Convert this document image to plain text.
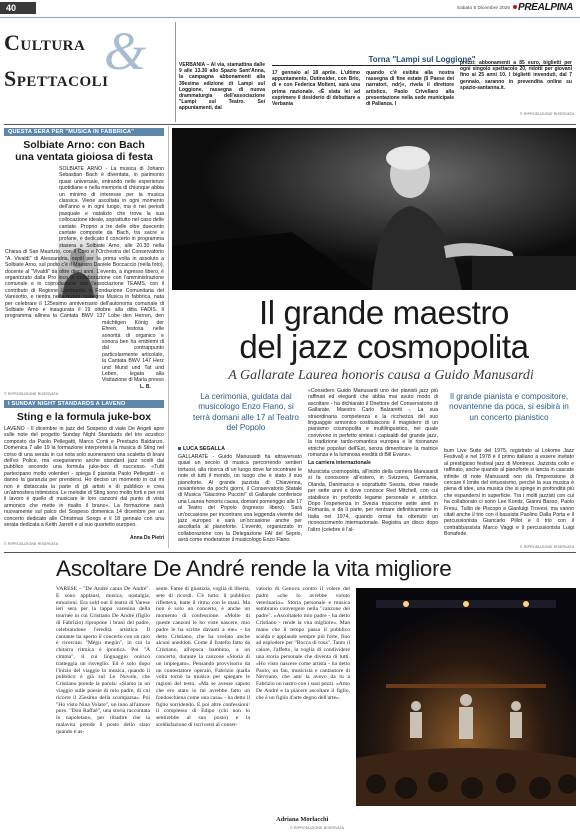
40	Sabato 6 Dicembre 2025 PREALPINA
Cultura &
Spettacoli
VERBANIA – Al via, stamattina dalle 9 alle 13.30 allo Spazio Sant'Anna, la campagna abbonamenti alla 39esima edizione di Lampi sul Loggione, rassegna di nuova drammaturgia dell'associazione "Lampi sul Teatro. Sei appuntamenti, dal
Torna "Lampi sul Loggione"
17 gennaio al 18 aprile. L'ultimo appuntamento, Outinsider, con Brio, di e con Federica Molteni, sarà una prima nazionale. «È stata lei ad esprimere il desiderio di debuttare a Verbania
quando c'è esibita alla nostra rassegna di fine estate (Il Paese dei narratori, ndr)», rivela il direttore artistico, Paolo Crivellaro alla presentazione nella sede municipale di Pallanza. I
prezzi: abbonamenti a 85 euro, biglietti per ogni singolo spettacolo 20, ridotti per giovani fino ai 25 anni 10. I biglietti invenduti, dal 7 gennaio, saranno in prevendita online su spazio-santanna.it.
© RIPRODUZIONE RISERVATA
QUESTA SERA PER "MUSICA IN FABBRICA"
Solbiate Arno: con Bach
una ventata gioiosa di festa
SOLBIATE ARNO - La musica di Johann Sebastian Bach è diventata, in parimonio quasi universale, entrando nelle esperienze quotidiane e nella memoria di chiunque abbia un minimo di interesse per la musica classica. Viene ascoltata in ogni momento dell'anno e in ogni luogo, ma è nei periodi pasquale e natalizio che trova la sua collocazione ideale, soprattutto nel caso delle cantate. Proprio a tre delle oltre duecento cantate composte da Bach, tra sacre e profane, è dedicato il concerto in programma stasera a Solbiate Arno, alle 20.30 nella Chiesa di San Maurizio, con il Coro e l'Orchestra del Conservatorio "A. Vivaldi" di Alessandria, ospiti per la prima volta in assoluto a Solbiate Arno, sul podio c'è il Maestro Daniele Boccaccio (nella foto), docente al "Vivaldi" da oltre dieci anni. L'evento, a ingresso libero, è organizzato dalla Pro loco in collaborazione con l'amministrazione comunale e in coproduzione con l'associazione TEAMS, con il contributo di Regione Lombardia e Fondazione Comunitaria del Varesotto, e rientra nella nuova rassegna Musica in fabbrica, nata per celebrare il 125esimo anniversario dell'autonoma comunale di Solbiate Arno e inaugurata il 19 ottobre alla ditta FADIS. Il programma allinea la Cantata BWV 137 Lobe den Herren, den mächtigen König der Ehren, festosa nelle sonorità di organico e sonora ben ha emblemi di dal contrappunto particolarmente articolato, la Cantata BWV 147 Herz und Mund und Tat und Leben, legata alla Visitazione di Maria presso
L. B.
© RIPRODUZIONE RISERVATA
I SUNDAY NIGHT STANDARDS A LAVENO
Sting e la formula juke-box
LAVENO - Il dicembre in jazz del Sospeso di viale De Angeli apre sulle note del progetto Sunday Night Standards del trio acustico composto da Paolo Pellegatti, Marco Conti e Prestazio Baldanzo. Domenica 7 alle 19 la formazione interpreterà la musica di Sting nel corso di una serata in cui nota solo suoneranno una scaletta di brani dell'ex Police, ma eseguiranno anche standard jazz scelti dal pubblico secondo una formula juke-box di successo. «Tutti partecipano molto volentieri - spiega il pianista Paolo Pellegatti - e danno la garanzia per prendersi. Ho deciso un momento in cui mi non è distaccata la parte di gli artisti e di pubblico e crea un'atmosfera intimistica. Le melodie di Sting sono molto forti e per noi il lavoro è quello di musicare le loro canzoni dal punto di vista armonico che mette in risalto il brano». La formazione sarà nuovamente sul palco del Sospeso domenica 14 dicembre per un concerto dedicato alle Christmas Songs e il 18 gennaio con una serata dedicata a Keith Jarrett e al suo quartetto europeo.
Anna De Pietri
© RIPRODUZIONE RISERVATA
Il grande maestro
del jazz cosmopolita
A Gallarate Laurea honoris causa a Guido Manusardi
La cerimonia, guidata dal musicologo Enzo Fiano, si terrà domani alle 17 al Teatro del Popolo
LUCA SEGALLA
GALLARATE - Guido Manusardi ha attraversato quasi un secolo di musica percorrendo sentieri tortuosi, alla ricerca di un luogo dove far incontrare le note di tutti il mondo, un luogo che è stato il suo pianoforte. Al grande jazzista di Chiavenna, novantenne da pochi giorni, il Conservatorio Statale di Musica "Giacomo Puccini" di Gallarate conferisce una Laurea honoris causa, domani pomeriggio alle 17 al Teatro del Popolo (ingresso libero). Sarà un'occasione per incontrare una leggenda vivente del jazz europeo e sarà un'occasione anche per ascoltarla al pianoforte. L'evento, organizzato in collaborazione con la Delegazione FAI del Seprio, avrà come moderatore il musicologo Enzo Fiano.

«Considero Guido Manusardi uno dei pianisti jazz più raffinati ed eleganti che abbia mai avuto modo di ascoltare - ha dichiarato il Direttore del Conservatorio di Gallarate, Maestro Carlo Balzaretti -. La sua straordinaria competenza e la ricchezza del suo linguaggio armonico costituiscono il magistero di un pianismo cosmopolita e multilinguistico, nel quale convivono in perfetto sintesi i capisaldi del grande jazz, la tradizione tardo-romantica europea e le risonanze etniche popolari dell'Est, senza dimenticare la matrice romanza e la luminosa eredità di Bill Evans».

La carriera internazionale

Musicista cosmopolita, all'inizio della carriera Manusardi si fa conoscere all'estero, in Svizzera, Germania, Olanda, Danimarca e soprattutto Svezia, dove risiede per sette anni e dove conosce Red Mitchell, con cui stabilisce in profondo legame personale e artistico. Dopo l'esperienza in Svezia trascorre sette anni in Romania, e da lì parte, per rientrare definitivamente in Italia nel 1974, quando ormai ha ottenuto un riconoscimento internazionale. Registra un disco dopo l'altro (celebre è l'al-

Il grande pianista e compositore, novantenne da poca, si esibirà in un concerto pianistico
bum Live Suite del 1975, registrato al Lokome Jazz Festival) e nel 1978 è il primo italiano a essere invitato al prestigioso festival jazz di Montreux. Jazzista colto e raffinato, anche quando al pianoforte si lancia in cascate infinite di note Manusardi non dà l'impressione di cercare il limite del virtuosismo, perché la sua musica è piena di idee, una musica che si spinge in profondità più che espandersi in superficie. Tra i molti jazzisti con cui ha collaborato ci sono Lee Konitz, Gianni Basso, Paolo Fresu, Tullio de Piscopo e Gianluigi Trovesi, ma vanno citati anche il trio con il bassista Paolino Dalla Porta e il percussionista Giancarlo Pillot e il trio con il contrabbassista Marco Vaggi e il percussionista Luigi Bonafede.
© RIPRODUZIONE RISERVATA
Ascoltare De André rende la vita migliore
VARESE - "De André canta De André". E sono applausi, musica, nostalgia, emozioni. Era sold out il teatro di Varese ieri sera per la tappa varesina della tournée in cui Cristiano De André (figlio di Fabrizio) ripropone i brani del padre, celebrandone l'eredità artistica. Il cantante ha aperto il concerto con un raro e ricercato "Mégu megún", in cui la chitarra ritmica è ipnotica. Poi "À cimma", il cui linguaggio onirico tratteggia un risveglio. Ed è solo dopo l'inizio del viaggio in musica, quando il pubblico è già sul Le Nuvole, che Cristiano prende la parola: «Siamo in un viaggio sulle poesie di mio padre, di cui ricorre il 25esimo della scomparsa». Poi "Ho visto Nina Volare", un inno all'amore puro. "Don Raffaè", una storia raccontata in napoletano, per ribadire che la malavita prende il posto dello stato quando è as-
sente. Fame di giustizia, voglia di libertà, sete di ricordi. C'è tutto: il pubblico rifletteva, batte il ritmo con le mani. Ma non è solo un concerto, è anche un momento di confessione. «Molte di queste canzoni le ho viste nascere, mio padre le ha scritte davanti a me» - ha detto Cristiano, che ha svelato anche alcuni aneddoti. Come il fratello fatto da Cristiano, all'epoca bambino, a un concerto, durante la canzone «Storia di un impiegato». Pensando provvisorio da un contestatore operaio, Fabrizio qualla volta tornò la musica per spiegare le ragioni del testo. «Ma se avesse saputo che ero stato io mi avrebbe fatto un fondoschiena come una casa» - ha detto il figlio sorridendo. E poi altre confessioni: il complesso di Edipo (chi non lo sentirebbe al suo posto) e la soddisfazione di iscriversi al conser-
vatorio di Genova contro il volere del padre «che lo avrebbe voluto veterinario». Storia personale e musica sembrano convergere nella "canzone del padre". «Ascoltatelo mio padre - ha detto Cristiano - rende la vita migliore». Man mano che il tempo passa il pubblico scalda e applaude sempre più forte, fino ad esplodere per "Bocca di rosa". Tanto il calore, l'affetto, la voglia di condividere una storia personale che diventa di tutti. «Ho visto nascere come artista - ha detto Paolo, un fan, musicista e cantautore di Nerviano, che ami la avevo da tu a Fabrizio un nastro con i suoi pezzi. «Amo De André e la piacere ascoltare il figlio, che è un figlio d'arte degno dell'arte».
Adriana Morlacchi
© RIPRODUZIONE RISERVATA
